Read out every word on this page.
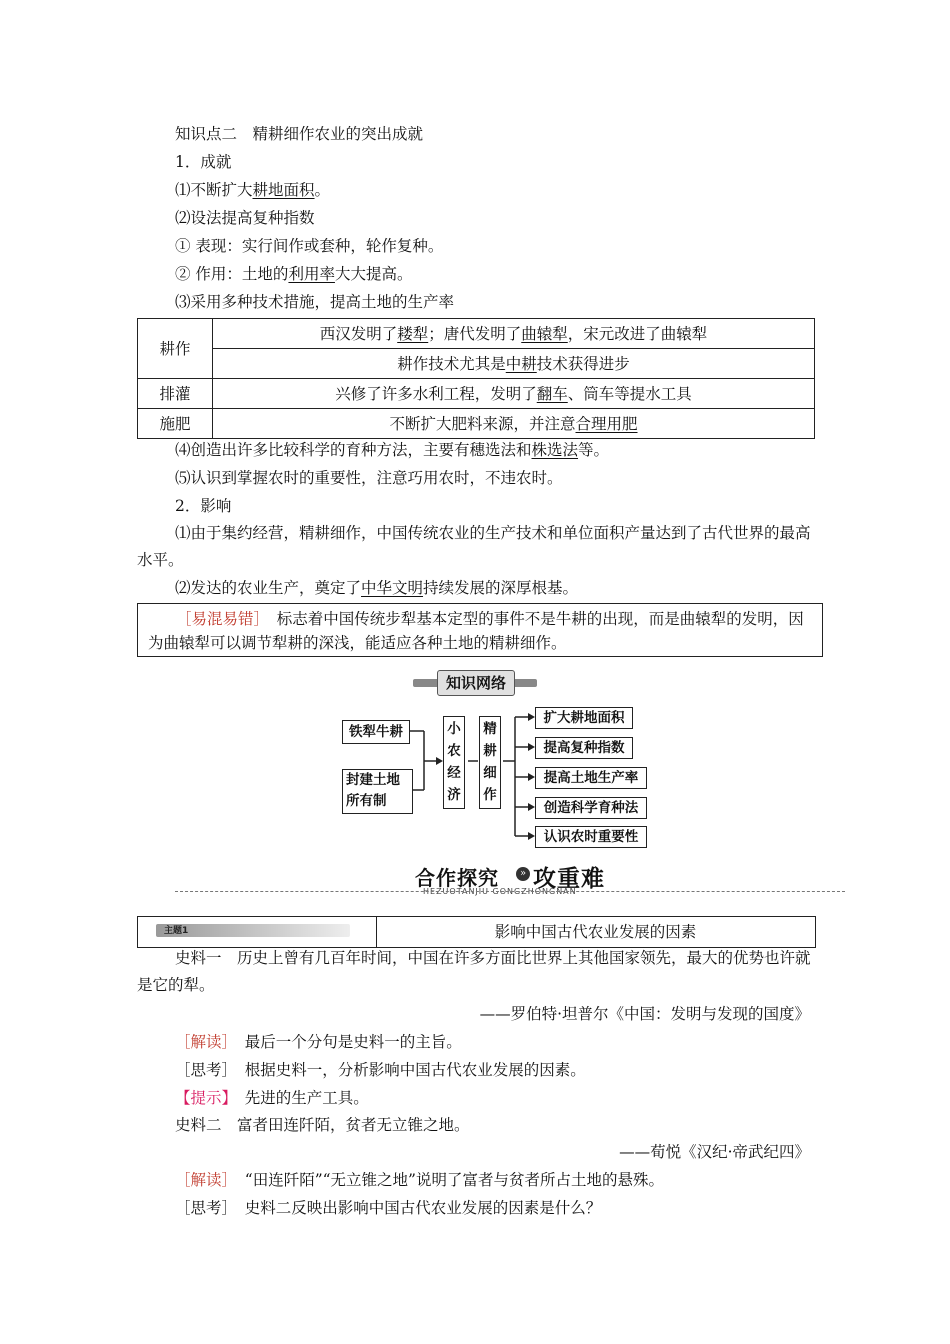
知识点二　精耕细作农业的突出成就
1．成就
⑴不断扩大耕地面积。
⑵设法提高复种指数
① 表现：实行间作或套种，轮作复种。
② 作用：土地的利用率大大提高。
⑶采用多种技术措施，提高土地的生产率
耕作	西汉发明了耧犁；唐代发明了曲辕犁，宋元改进了曲辕犁
	耕作技术尤其是中耕技术获得进步
排灌	兴修了许多水利工程，发明了翻车、筒车等提水工具
施肥	不断扩大肥料来源，并注意合理用肥
⑷创造出许多比较科学的育种方法，主要有穗选法和株选法等。
⑸认识到掌握农时的重要性，注意巧用农时，不违农时。
2．影响
⑴由于集约经营，精耕细作，中国传统农业的生产技术和单位面积产量达到了古代世界的最高水平。
⑵发达的农业生产，奠定了中华文明持续发展的深厚根基。
［易混易错］　标志着中国传统步犁基本定型的事件不是牛耕的出现，而是曲辕犁的发明，因为曲辕犁可以调节犁耕的深浅，能适应各种土地的精耕细作。
知识网络
铁犁牛耕
封建土地所有制
小农经济
精耕细作
扩大耕地面积
提高复种指数
提高土地生产率
创造科学育种法
认识农时重要性
合作探究	» 攻重难
HEZUOTANJIU GONGZHONGNAN
主题1	影响中国古代农业发展的因素
史料一　历史上曾有几百年时间，中国在许多方面比世界上其他国家领先，最大的优势也许就是它的犁。
——罗伯特·坦普尔《中国：发明与发现的国度》
［解读］　最后一个分句是史料一的主旨。
［思考］　根据史料一，分析影响中国古代农业发展的因素。
【提示】　先进的生产工具。
史料二　富者田连阡陌，贫者无立锥之地。
——荀悦《汉纪·帝武纪四》
［解读］　“田连阡陌”“无立锥之地”说明了富者与贫者所占土地的悬殊。
［思考］　史料二反映出影响中国古代农业发展的因素是什么？
